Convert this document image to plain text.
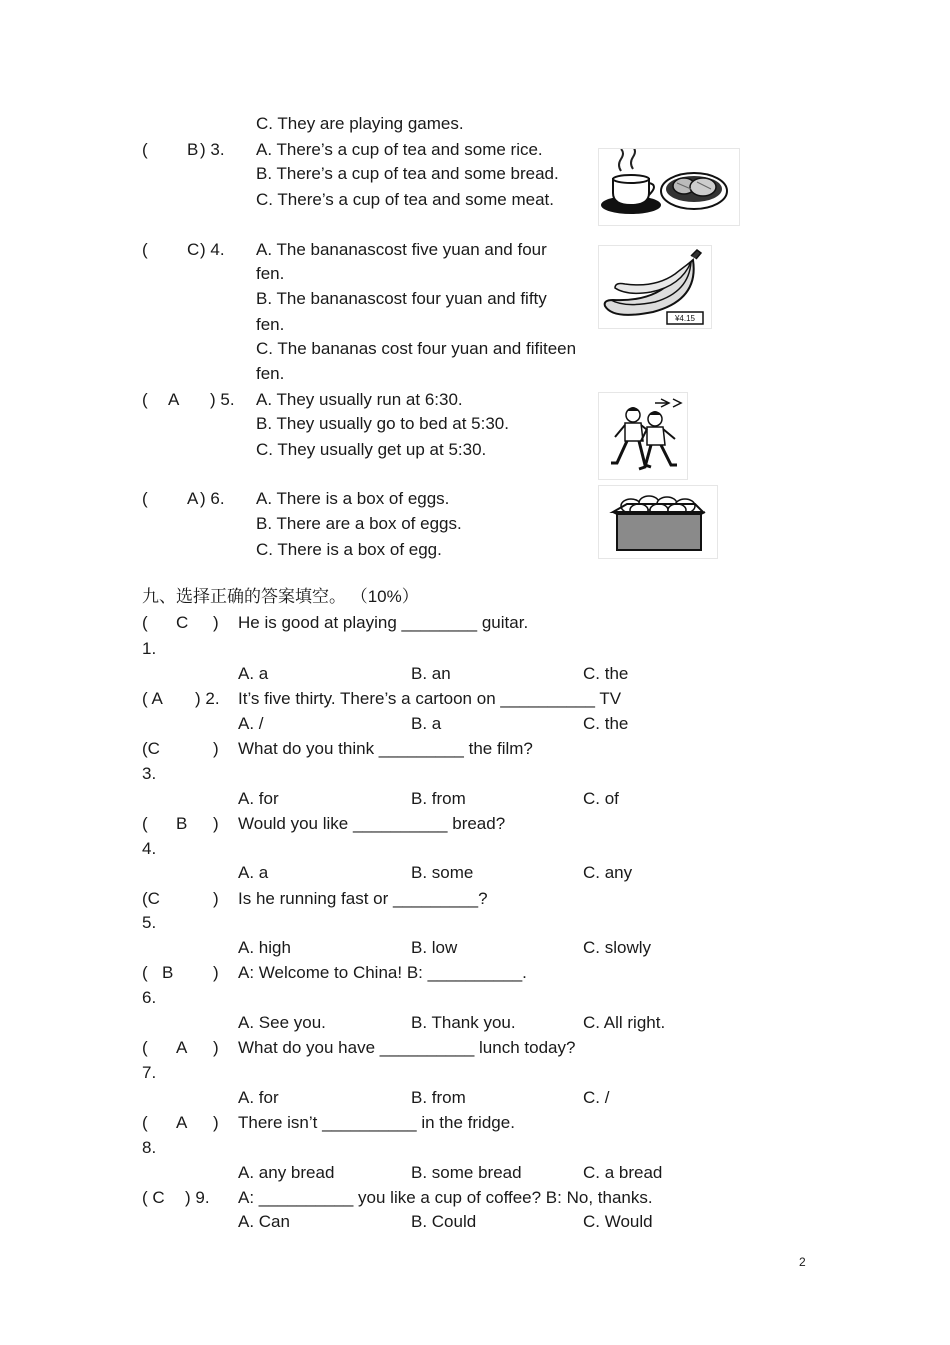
C. They are playing games.
( B ) 3. A. There’s a cup of tea and some rice.
B. There’s a cup of tea and some bread.
C. There’s a cup of tea and some meat.
( C ) 4. A. The bananascost five yuan and four
fen.
B. The bananascost four yuan and fifty
fen.
C. The bananas cost four yuan and fifiteen
fen.
¥4.15
( A ) 5. A. They usually run at 6:30.
B. They usually go to bed at 5:30.
C. They usually get up at 5:30.
( A ) 6. A. There is a box of eggs.
B. There are a box of eggs.
C. There is a box of egg.
九、选择正确的答案填空。 （10%）
( C ) He is good at playing ________ guitar.
1.
A. a	B. an	C. the
( A ) 2. It’s five thirty. There’s a cartoon on __________ TV
A. /	B. a	C. the
(C	) What do you think _________ the film?
3.
A. for	B. from	C. of
( B ) Would you like __________ bread?
4.
A. a	B. some	C. any
(C	) Is he running fast or _________?
5.
A. high	B. low	C. slowly
( B ) A: Welcome to China! B: __________.
6.
A. See you.	B. Thank you.	C. All right.
( A ) What do you have __________ lunch today?
7.
A. for	B. from	C. /
( A ) There isn’t __________ in the fridge.
8.
A. any bread	B. some bread	C. a bread
( C ) 9. A: __________ you like a cup of coffee? B: No, thanks.
A. Can	B. Could	C. Would
2
